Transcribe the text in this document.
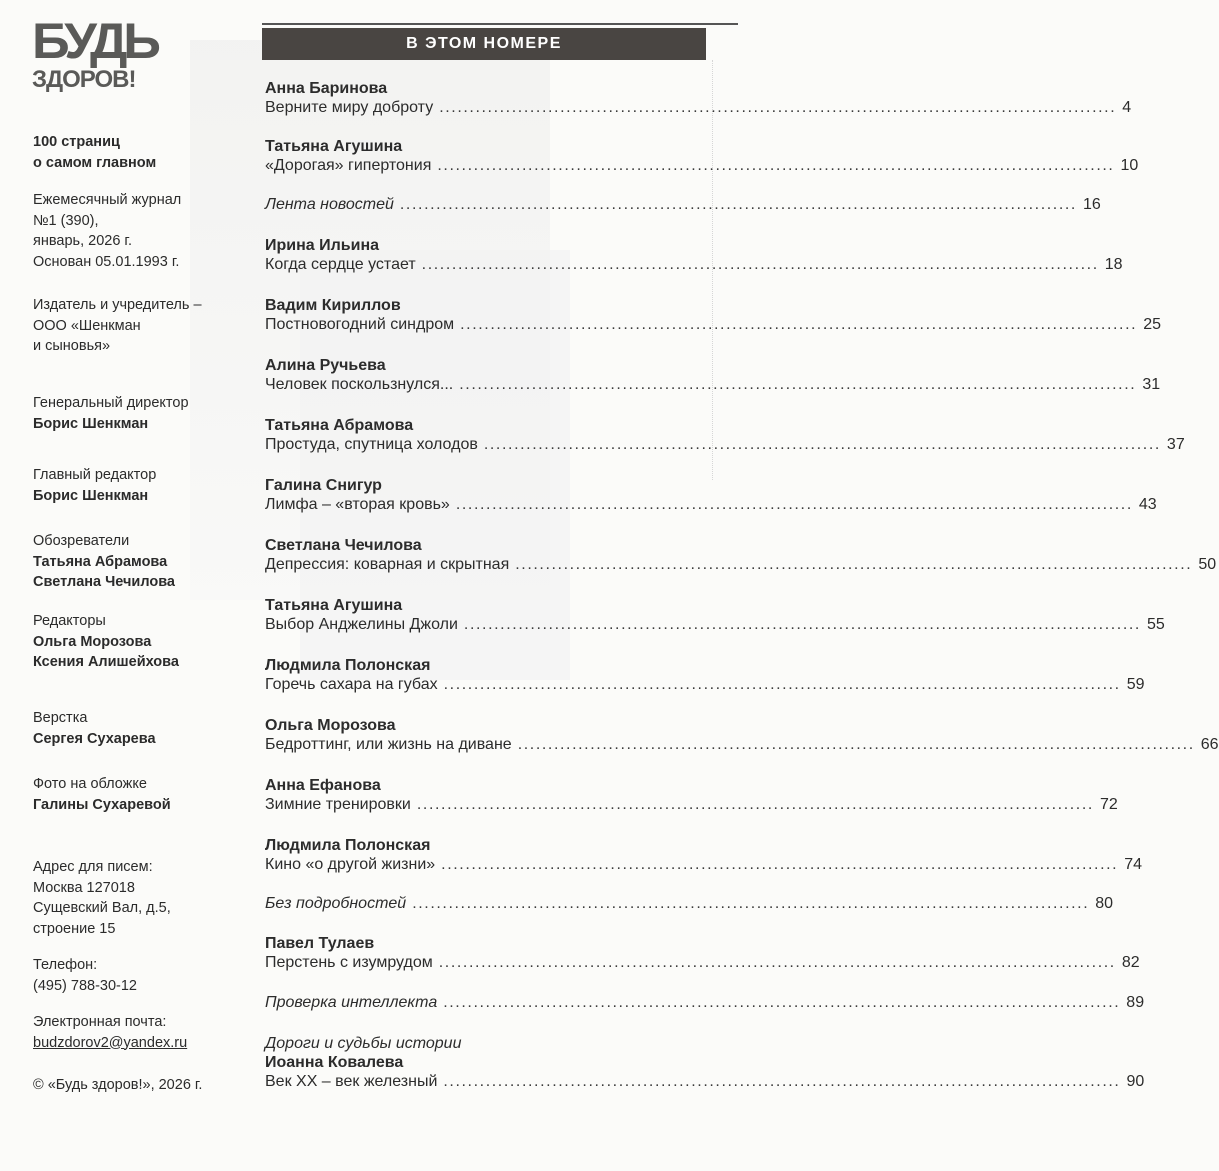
БУДЬ
ЗДОРОВ!
100 страниц
о самом главном
Ежемесячный журнал
№1 (390),
январь, 2026 г.
Основан 05.01.1993 г.
Издатель и учредитель –
ООО «Шенкман
и сыновья»
Генеральный директор
Борис Шенкман
Главный редактор
Борис Шенкман
Обозреватели
Татьяна Абрамова
Светлана Чечилова
Редакторы
Ольга Морозова
Ксения Алишейхова
Верстка
Сергея Сухарева
Фото на обложке
Галины Сухаревой
Адрес для писем:
Москва 127018
Сущевский Вал, д.5,
строение 15
Телефон:
(495) 788-30-12
Электронная почта:
budzdorov2@yandex.ru
© «Будь здоров!», 2026 г.
В ЭТОМ НОМЕРЕ
Анна Баринова
Верните миру доброту ................................................................................................................ 4
Татьяна Агушина
«Дорогая» гипертония ................................................................................................................ 10
Лента новостей ................................................................................................................ 16
Ирина Ильина
Когда сердце устает ................................................................................................................ 18
Вадим Кириллов
Постновогодний синдром ................................................................................................................ 25
Алина Ручьева
Человек поскользнулся... ................................................................................................................ 31
Татьяна Абрамова
Простуда, спутница холодов ................................................................................................................ 37
Галина Снигур
Лимфа – «вторая кровь» ................................................................................................................ 43
Светлана Чечилова
Депрессия: коварная и скрытная ................................................................................................................ 50
Татьяна Агушина
Выбор Анджелины Джоли ................................................................................................................ 55
Людмила Полонская
Горечь сахара на губах ................................................................................................................ 59
Ольга Морозова
Бедроттинг, или жизнь на диване ................................................................................................................ 66
Анна Ефанова
Зимние тренировки ................................................................................................................ 72
Людмила Полонская
Кино «о другой жизни» ................................................................................................................ 74
Без подробностей ................................................................................................................ 80
Павел Тулаев
Перстень с изумрудом ................................................................................................................ 82
Проверка интеллекта ................................................................................................................ 89
Дороги и судьбы истории
Иоанна Ковалева
Век XX – век железный ................................................................................................................ 90
